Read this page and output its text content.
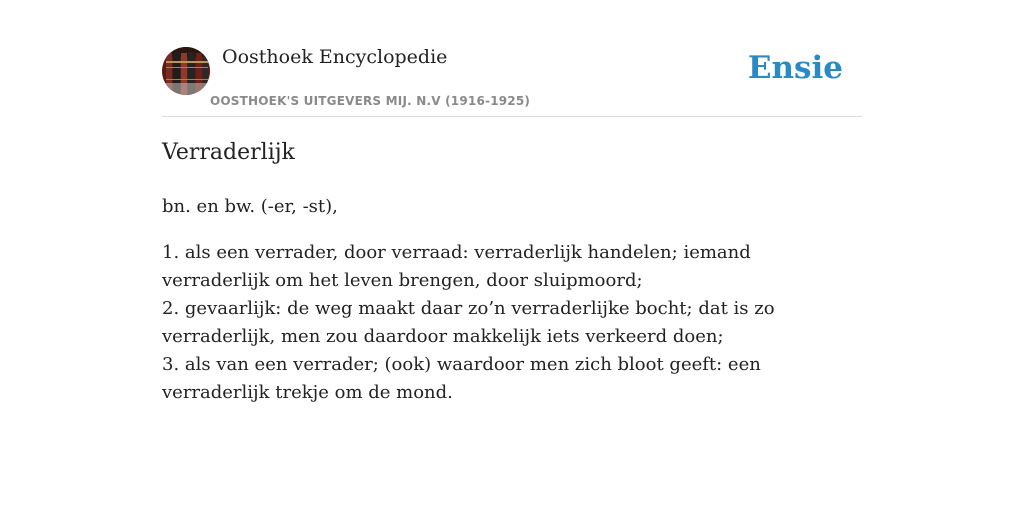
Oosthoek Encyclopedie
OOSTHOEK'S UITGEVERS MIJ. N.V (1916-1925)
Ensie
Verraderlijk

bn. en bw. (-er, -st),

1. als een verrader, door verraad: verraderlijk handelen; iemand verraderlijk om het leven brengen, door sluipmoord;
2. gevaarlijk: de weg maakt daar zo’n verraderlijke bocht; dat is zo verraderlijk, men zou daardoor makkelijk iets verkeerd doen;
3. als van een verrader; (ook) waardoor men zich bloot geeft: een verraderlijk trekje om de mond.
